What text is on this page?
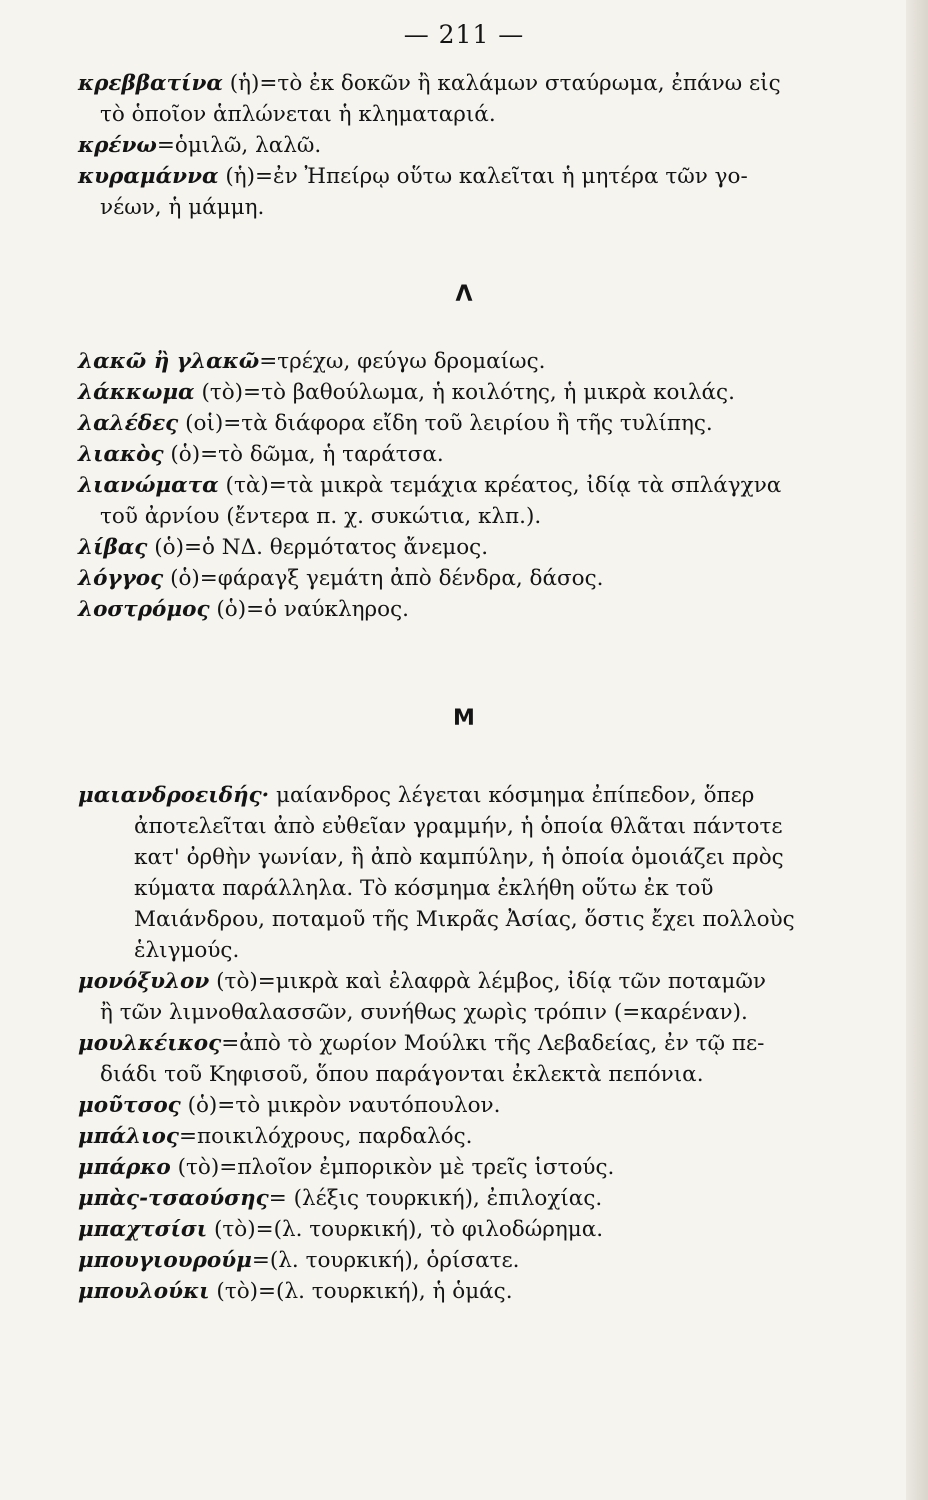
— 211 —
κρεββατίνα (ἡ)=τὸ ἐκ δοκῶν ἢ καλάμων σταύρωμα, ἐπάνω εἰς
τὸ ὁποῖον ἁπλώνεται ἡ κληματαριά.
κρένω=ὁμιλῶ, λαλῶ.
κυραμάννα (ἡ)=ἐν Ἠπείρῳ οὕτω καλεῖται ἡ μητέρα τῶν γο-
νέων, ἡ μάμμη.
Λ
λακῶ ἢ γλακῶ=τρέχω, φεύγω δρομαίως.
λάκκωμα (τὸ)=τὸ βαθούλωμα, ἡ κοιλότης, ἡ μικρὰ κοιλάς.
λαλέδες (οἱ)=τὰ διάφορα εἴδη τοῦ λειρίου ἢ τῆς τυλίπης.
λιακὸς (ὁ)=τὸ δῶμα, ἡ ταράτσα.
λιανώματα (τὰ)=τὰ μικρὰ τεμάχια κρέατος, ἰδίᾳ τὰ σπλάγχνα
τοῦ ἀρνίου (ἔντερα π. χ. συκώτια, κλπ.).
λίβας (ὁ)=ὁ ΝΔ. θερμότατος ἄνεμος.
λόγγος (ὁ)=φάραγξ γεμάτη ἀπὸ δένδρα, δάσος.
λοστρόμος (ὁ)=ὁ ναύκληρος.
Μ
μαιανδροειδής· μαίανδρος λέγεται κόσμημα ἐπίπεδον, ὅπερ
ἀποτελεῖται ἀπὸ εὐθεῖαν γραμμήν, ἡ ὁποία θλᾶται πάντοτε κατ' ὀρθὴν γωνίαν, ἢ ἀπὸ καμπύλην, ἡ ὁποία ὁμοιάζει πρὸς κύματα παράλληλα. Τὸ κόσμημα ἐκλήθη οὕτω ἐκ τοῦ Μαιάνδρου, ποταμοῦ τῆς Μικρᾶς Ἀσίας, ὅστις ἔχει πολλοὺς ἑλιγμούς.
μονόξυλον (τὸ)=μικρὰ καὶ ἐλαφρὰ λέμβος, ἰδίᾳ τῶν ποταμῶν
ἢ τῶν λιμνοθαλασσῶν, συνήθως χωρὶς τρόπιν (=καρέναν).
μουλκέικος=ἀπὸ τὸ χωρίον Μούλκι τῆς Λεβαδείας, ἐν τῷ πε-
διάδι τοῦ Κηφισοῦ, ὅπου παράγονται ἐκλεκτὰ πεπόνια.
μοῦτσος (ὁ)=τὸ μικρὸν ναυτόπουλον.
μπάλιος=ποικιλόχρους, παρδαλός.
μπάρκο (τὸ)=πλοῖον ἐμπορικὸν μὲ τρεῖς ἱστούς.
μπὰς-τσαούσης= (λέξις τουρκική), ἐπιλοχίας.
μπαχτσίσι (τὸ)=(λ. τουρκική), τὸ φιλοδώρημα.
μπουγιουρούμ=(λ. τουρκική), ὁρίσατε.
μπουλούκι (τὸ)=(λ. τουρκική), ἡ ὁμάς.
